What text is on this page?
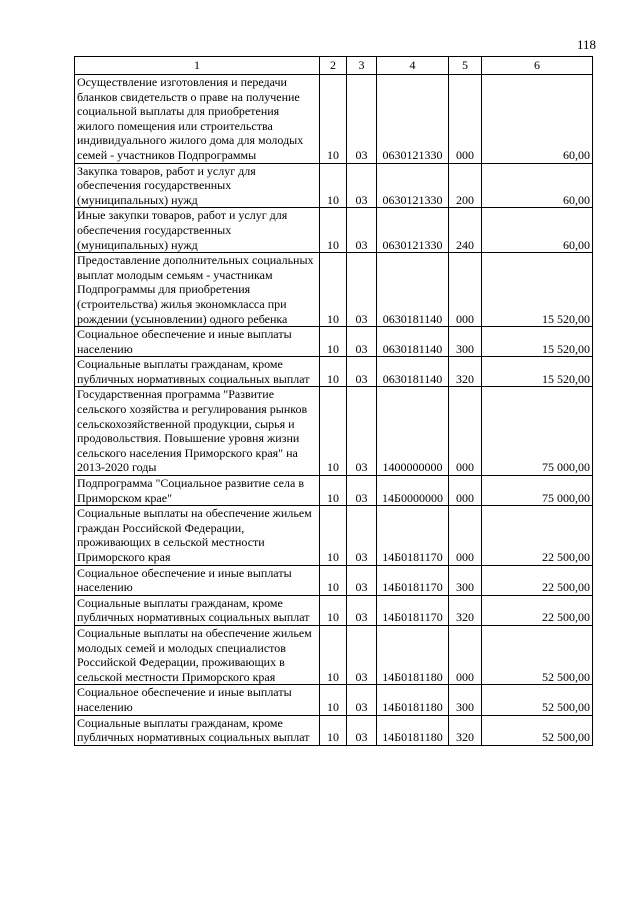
118
1	2	3	4	5	6
Осуществление изготовления и передачи бланков свидетельств о праве на получение социальной выплаты для приобретения жилого помещения или строительства индивидуального жилого дома для молодых семей - участников Подпрограммы	10	03	0630121330	000	60,00
Закупка товаров, работ и услуг для обеспечения государственных (муниципальных) нужд	10	03	0630121330	200	60,00
Иные закупки товаров, работ и услуг для обеспечения государственных (муниципальных) нужд	10	03	0630121330	240	60,00
Предоставление дополнительных социальных выплат молодым семьям - участникам Подпрограммы для приобретения (строительства) жилья экономкласса при рождении (усыновлении) одного ребенка	10	03	0630181140	000	15 520,00
Социальное обеспечение и иные выплаты населению	10	03	0630181140	300	15 520,00
Социальные выплаты гражданам, кроме публичных нормативных социальных выплат	10	03	0630181140	320	15 520,00
Государственная программа "Развитие сельского хозяйства и регулирования рынков сельскохозяйственной продукции, сырья и продовольствия. Повышение уровня жизни сельского населения Приморского края" на 2013-2020 годы	10	03	1400000000	000	75 000,00
Подпрограмма "Социальное развитие села в Приморском крае"	10	03	14Б0000000	000	75 000,00
Социальные выплаты на обеспечение жильем граждан Российской Федерации, проживающих в сельской местности Приморского края	10	03	14Б0181170	000	22 500,00
Социальное обеспечение и иные выплаты населению	10	03	14Б0181170	300	22 500,00
Социальные выплаты гражданам, кроме публичных нормативных социальных выплат	10	03	14Б0181170	320	22 500,00
Социальные выплаты на обеспечение жильем молодых семей и молодых специалистов Российской Федерации, проживающих в сельской местности Приморского края	10	03	14Б0181180	000	52 500,00
Социальное обеспечение и иные выплаты населению	10	03	14Б0181180	300	52 500,00
Социальные выплаты гражданам, кроме публичных нормативных социальных выплат	10	03	14Б0181180	320	52 500,00
